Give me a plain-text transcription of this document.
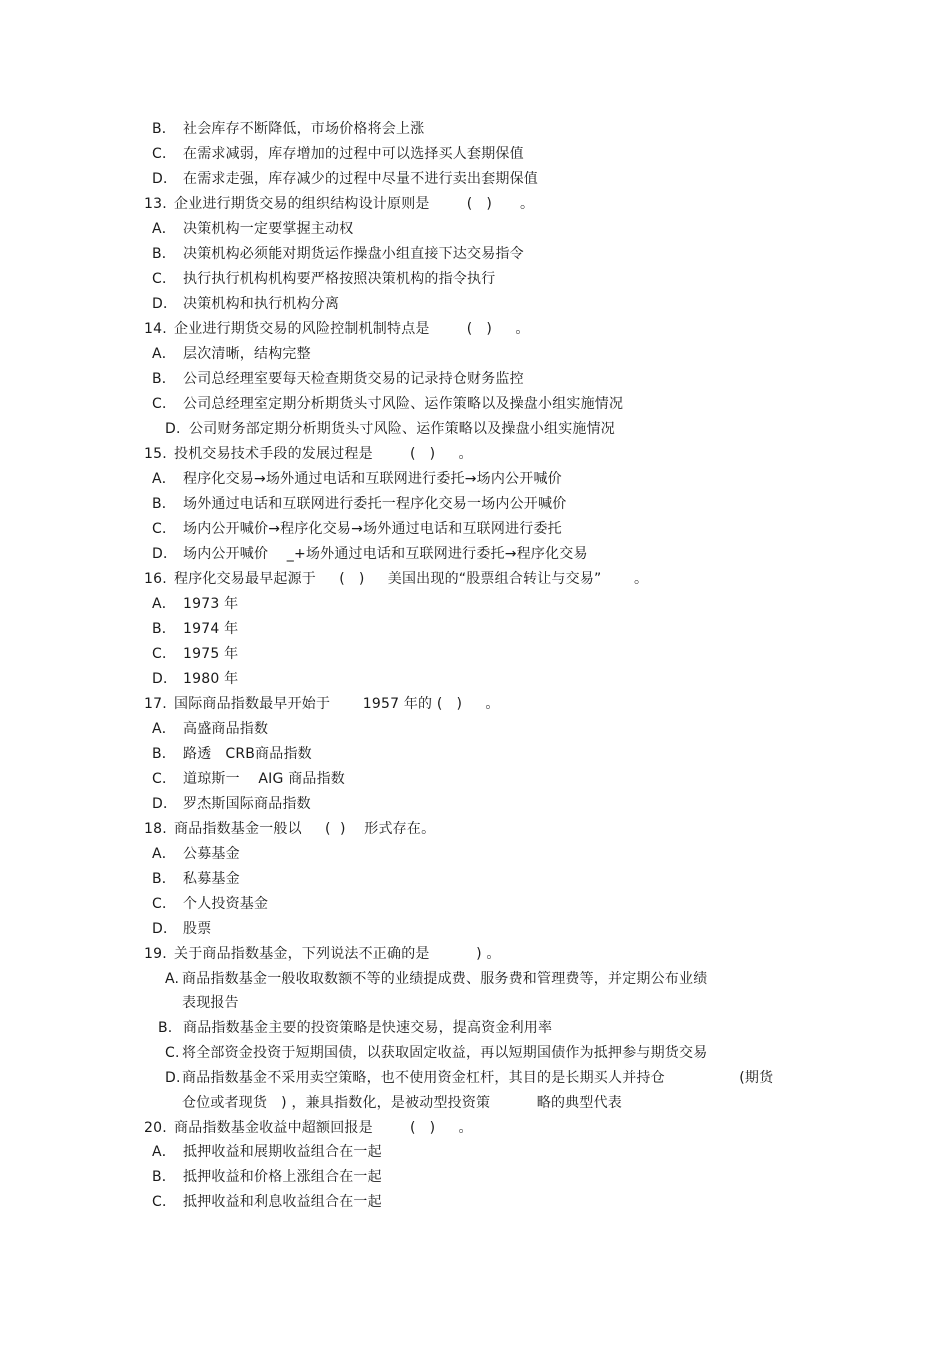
B． 社会库存不断降低，市场价格将会上涨
C． 在需求减弱，库存增加的过程中可以选择买人套期保值
D． 在需求走强，库存减少的过程中尽量不进行卖出套期保值
13. 企业进行期货交易的组织结构设计原则是        (   )      。
A． 决策机构一定要掌握主动权
B． 决策机构必须能对期货运作操盘小组直接下达交易指令
C． 执行执行机构机构要严格按照决策机构的指令执行
D． 决策机构和执行机构分离
14. 企业进行期货交易的风险控制机制特点是        (   )     。
A． 层次清晰，结构完整
B． 公司总经理室要每天检查期货交易的记录持仓财务监控
C． 公司总经理室定期分析期货头寸风险、运作策略以及操盘小组实施情况
D. 公司财务部定期分析期货头寸风险、运作策略以及操盘小组实施情况
15. 投机交易技术手段的发展过程是        (   )     。
A． 程序化交易→场外通过电话和互联网进行委托→场内公开喊价
B． 场外通过电话和互联网进行委托一程序化交易一场内公开喊价
C． 场内公开喊价→程序化交易→场外通过电话和互联网进行委托
D． 场内公开喊价    _+场外通过电话和互联网进行委托→程序化交易
16. 程序化交易最早起源于     (   )     美国出现的“股票组合转让与交易”       。
A． 1973 年
B． 1974 年
C． 1975 年
D． 1980 年
17. 国际商品指数最早开始于       1957 年的 (   )     。
A． 高盛商品指数
B． 路透   CRB商品指数
C． 道琼斯一    AIG 商品指数
D． 罗杰斯国际商品指数
18. 商品指数基金一般以     (  )    形式存在。
A． 公募基金
B． 私募基金
C． 个人投资基金
D． 股票
19. 关于商品指数基金，下列说法不正确的是          ) 。
A. 商品指数基金一般收取数额不等的业绩提成费、服务费和管理费等，并定期公布业绩
表现报告
B. 商品指数基金主要的投资策略是快速交易，提高资金利用率
C. 将全部资金投资于短期国债，以获取固定收益，再以短期国债作为抵押参与期货交易
D.商品指数基金不采用卖空策略，也不使用资金杠杆，其目的是长期买人并持仓                (期货
仓位或者现货   ) ，兼具指数化，是被动型投资策          略的典型代表
20. 商品指数基金收益中超额回报是        (   )     。
A． 抵押收益和展期收益组合在一起
B． 抵押收益和价格上涨组合在一起
C． 抵押收益和利息收益组合在一起
